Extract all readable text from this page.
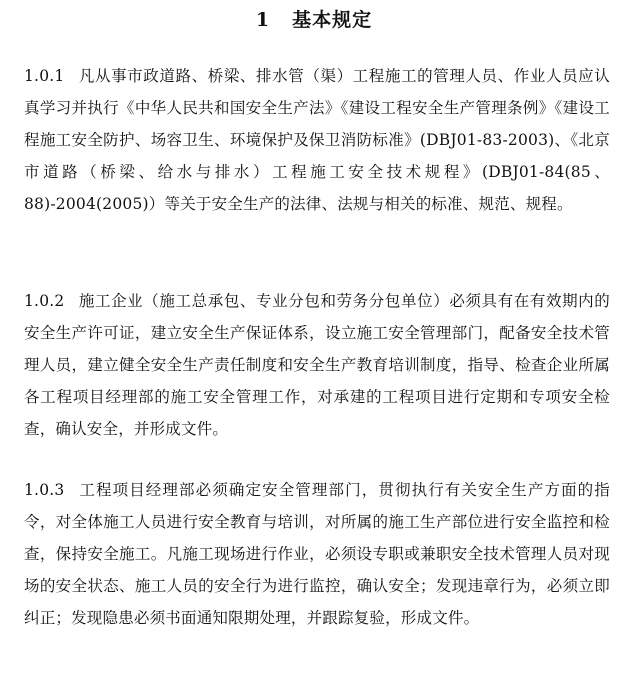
1 基本规定
1.0.1 凡从事市政道路、桥梁、排水管（渠）工程施工的管理人员、作业人员应认真学习并执行《中华人民共和国安全生产法》《建设工程安全生产管理条例》《建设工程施工安全防护、场容卫生、环境保护及保卫消防标准》(DBJ01-83-2003)、《北京市道路（桥梁、给水与排水）工程施工安全技术规程》(DBJ01-84(85、88)-2004(2005)）等关于安全生产的法律、法规与相关的标准、规范、规程。
1.0.2 施工企业（施工总承包、专业分包和劳务分包单位）必须具有在有效期内的安全生产许可证，建立安全生产保证体系，设立施工安全管理部门，配备安全技术管理人员，建立健全安全生产责任制度和安全生产教育培训制度，指导、检查企业所属各工程项目经理部的施工安全管理工作，对承建的工程项目进行定期和专项安全检查，确认安全，并形成文件。
1.0.3 工程项目经理部必须确定安全管理部门，贯彻执行有关安全生产方面的指令，对全体施工人员进行安全教育与培训，对所属的施工生产部位进行安全监控和检查，保持安全施工。凡施工现场进行作业，必须设专职或兼职安全技术管理人员对现场的安全状态、施工人员的安全行为进行监控，确认安全；发现违章行为，必须立即纠正；发现隐患必须书面通知限期处理，并跟踪复验，形成文件。
